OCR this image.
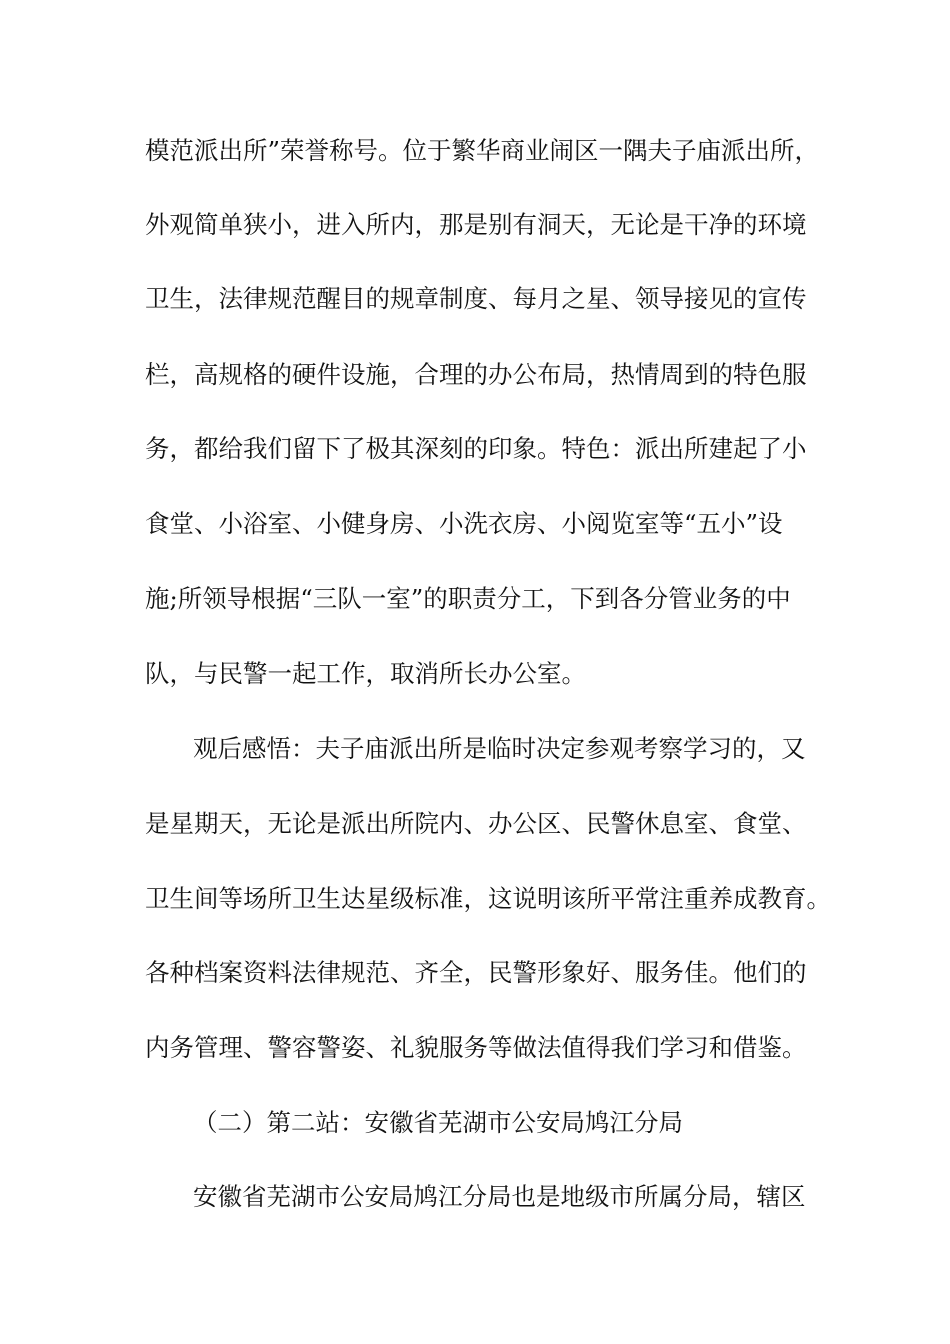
模范派出所”荣誉称号。位于繁华商业闹区一隅夫子庙派出所，
外观简单狭小，进入所内，那是别有洞天，无论是干净的环境
卫生，法律规范醒目的规章制度、每月之星、领导接见的宣传
栏，高规格的硬件设施，合理的办公布局，热情周到的特色服
务，都给我们留下了极其深刻的印象。特色：派出所建起了小
食堂、小浴室、小健身房、小洗衣房、小阅览室等“五小”设
施;所领导根据“三队一室”的职责分工，下到各分管业务的中
队，与民警一起工作，取消所长办公室。
观后感悟：夫子庙派出所是临时决定参观考察学习的，又
是星期天，无论是派出所院内、办公区、民警休息室、食堂、
卫生间等场所卫生达星级标准，这说明该所平常注重养成教育。
各种档案资料法律规范、齐全，民警形象好、服务佳。他们的
内务管理、警容警姿、礼貌服务等做法值得我们学习和借鉴。
（二）第二站：安徽省芜湖市公安局鸠江分局
安徽省芜湖市公安局鸠江分局也是地级市所属分局，辖区
